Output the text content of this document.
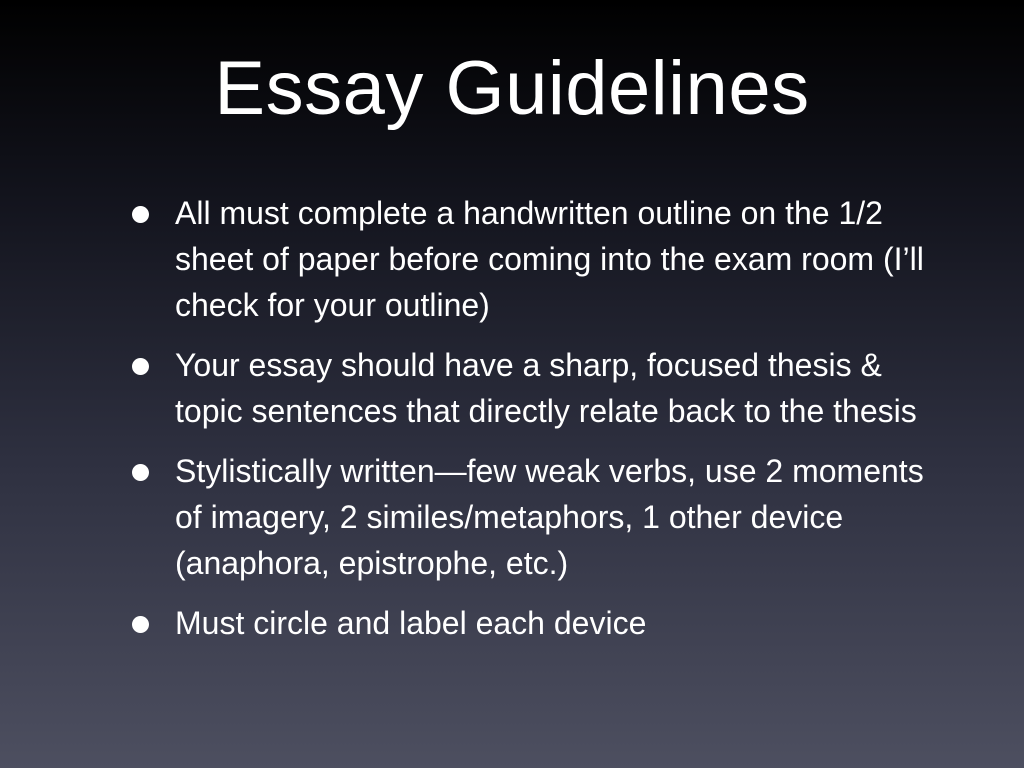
Essay Guidelines
All must complete a handwritten outline on the 1/2 sheet of paper before coming into the exam room (I’ll check for your outline)
Your essay should have a sharp, focused thesis & topic sentences that directly relate back to the thesis
Stylistically written—few weak verbs, use 2 moments of imagery, 2 similes/metaphors, 1 other device (anaphora, epistrophe, etc.)
Must circle and label each device
